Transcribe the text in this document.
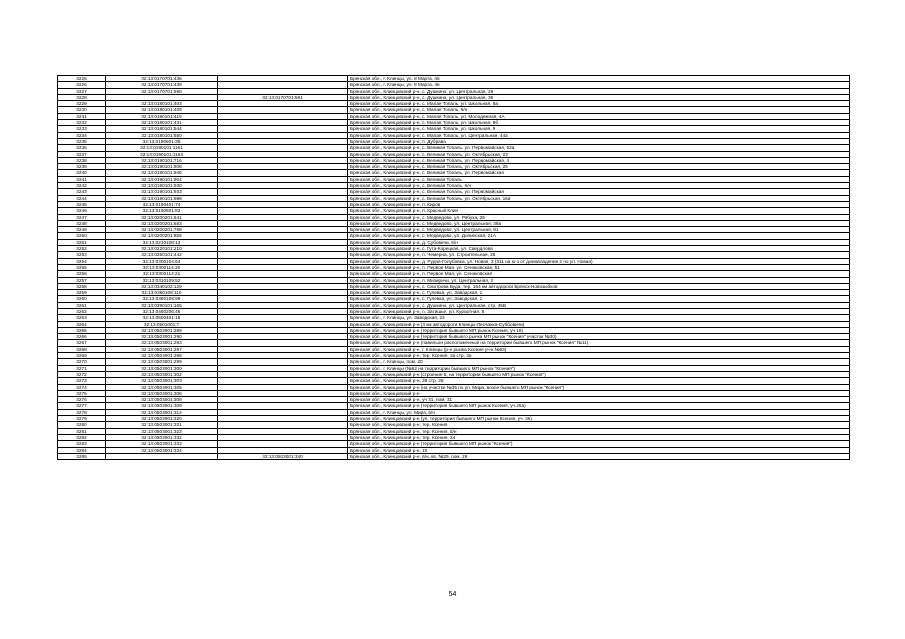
3225	32:13:0170701:436		Брянская обл., г. Клинцы, ул. 8 Марта, 46
3226	32:13:0170701:438		Брянская обл., г. Клинцы, ул. 8 Марта, 46
3227	32:13:0170701:590		Брянская обл., Клинцовский р-н, с. Душкино, ул. Центральная, 29
3228		32:13:0170701:591	Брянская обл., Клинцовский р-н, с. Душкино, ул. Центральная, 35
3229	32:13:0180101:403		Брянская обл., Клинцовский р-н, с. Малая Топаль, ул. Школьная, 8а
3230	32:13:0180101:408		Брянская обл., Клинцовский р-н, с. Малая Топаль, 6/н
3231	32:13:0180101:415		Брянская обл., Клинцовский р-н, с. Малая Топаль, ул. Молодежная, 4А
3232	32:13:0180101:431		Брянская обл., Клинцовский р-н, с. Малая Топаль, ул. Школьная, 8б
3233	32:13:0180101:544		Брянская обл., Клинцовский р-н, с. Малая Топаль, ул. Школьная, 9
3234	32:13:0180101:550		Брянская обл., Клинцовский р-н, с. Малая Топаль, ул. Центральная, 44а
3235	32:13:0180601:38		Брянская обл., Клинцовский р-н, п. Дубрава
3236	32:13:0190101:1161		Брянская обл., Клинцовский р-н, с. Великая Топаль, ул. Первомайская, 52а
3237	32:13:0190101:1163		Брянская обл., Клинцовский р-н, с. Великая Топаль, ул. Октябрьская, 23
3238	32:13:0190101:716		Брянская обл., Клинцовский р-н, с. Великая Топаль, ул. Первомайская, 4
3239	32:13:0190101:808		Брянская обл., Клинцовский р-н, с. Великая Топаль, ул. Октябрьская, 25
3240	32:13:0190101:846		Брянская обл., Клинцовский р-н, с. Великая Топаль, ул. Первомайская
3241	32:13:0190101:904		Брянская обл., Клинцовский р-н, с. Великая Топаль
3242	32:13:0190101:930		Брянская обл., Клинцовский р-н, с. Великая Топаль, 6/н
3243	32:13:0190101:933		Брянская обл., Клинцовский р-н, с. Великая Топаль, ул. Первомайская
3244	32:13:0190101:988		Брянская обл., Клинцовский р-н, с. Великая Топаль, ул. Октябрьская, 16а
3245	32:13:0190401:74		Брянская обл., Клинцовский р-н, п. Киров
3246	32:13:0190501:82		Брянская обл., Клинцовский р-н, п. Красный Клин
3247	32:13:0200201:641		Брянская обл., Клинцовский р-н, с. Медведово, ул. Рябуха, 25
3248	32:13:0200201:683		Брянская обл., Клинцовский р-н, с. Медведово, ул. Центральная, 39а
3249	32:13:0200201:768		Брянская обл., Клинцовский р-н, с. Медведово, ул. Центральная, 81
3250	32:13:0200201:855		Брянская обл., Клинцовский р-н, с. Медведово, ул. Долинская, 21А
3251	32:13:0210108:13		Брянская обл., Клинцовский р-н, д. Субовичи, 6/н
3252	32:13:0220101:210		Брянская обл., Клинцовский р-н, с. Гута-Корецкая, ул. Свердлова
3253	32:13:0250101:442		Брянская обл., Клинцовский р-н, п. Чемерна, ул. Строительная, 25
3254	32:13:0300104:64		Брянская обл., Клинцовский р-н, д. Рудня-Голубовка, ул. Новая, 2 (311 на ю-з от домовладения 2 по ул. Новая)
3255	32:13:0300114:20		Брянская обл., Клинцовский р-н, п. Первое Мая, ул. Сеннковская, 51
3256	32:13:0300114:21		Брянская обл., Клинцовский р-н, п. Первое Мая, ул. Сеннковская
3257	32:13:0310109:52		Брянская обл., Клинцовский р-н, п. Мизиричи, ул. Центральная, 2
3258	32:13:0340102:129		Брянская обл., Клинцовский р-н, с. Смотрова Буда, тер. 164 км автодороги Брянск-Новозыбков
3259	32:13:0360108:110		Брянская обл., Клинцовский р-н, с. Гулевка, ул. Заводская, 1
3260	32:13:0360108:99		Брянская обл., Клинцовский р-н, с. Гулевка, ул. Заводская, 1
3261	32:13:0390101:165		Брянская обл., Клинцовский р-н, с. Душкино, ул. Центральная, стр. 45В
3262	32:13:0450206:46		Брянская обл., Клинцовский р-н, п. Затишье, ул. Курортная, 8
3263	32:13:0500401:15		Брянская обл., г. Клинцы, ул. Заводская, 23
3264	32:13:0501001:7		Брянская обл., Клинцовский р-н (3 км автодороги Клинцы-Лесчанка-Суббовичи)
3265	32:13:0503001:289		Брянская обл., Клинцовский р-н (территория бывшего МП рынок Ксения, уч 18)
3266	32:13:0503001:290		Брянская обл., Клинцовский р-н (территория бывшего рынка МП рынок "Ксения" участок №30)
3267	32:13:0503001:293		Брянская обл., Клинцовский р-н (павильон расположенный на территории бывшего МП рынок "Ксения" №11)
3268	32:13:0503001:297		Брянская обл., Клинцовский р-н, г. Клинцы (р-н рынка Ксения уч-к №63)
3269	32:13:0503001:298		Брянская обл., Клинцовский р-н, тер. Ксения, 3а стр. 3а
3270	32:13:0503001:299		Брянская обл., г. Клинцы, пом. 20
3271	32:13:0503001:300		Брянская обл., г. Клинцы (№62 на территории бывшего МП рынок "Ксения")
3272	32:13:0503001:302		Брянская обл., Клинцовский р-н (строение 5, на территории бывшего МП рынок "Ксения")
3273	32:13:0503001:303		Брянская обл., Клинцовский р-н, 28 стр. 28
3274	32:13:0503001:305		Брянская обл., Клинцовский р-н (на участке №35 по ул. Мира, возле бывшего МП рынок "Ксения")
3275	32:13:0503001:306		Брянская обл., Клинцовский р-н
3276	32:13:0503001:308		Брянская обл., Клинцовский р-н, уч 31, пом. 31
3277	32:13:0503001:309		Брянская обл., Клинцовский р-н (территория бывшего МП рынок Ксения, уч.26а)
3278	32:13:0503001:314		Брянская обл., г. Клинцы, ул. Мира, 6/н
3279	32:13:0503001:320		Брянская обл., Клинцовский р-н (ул. территория бывшего МП рынок Ксения, уч. 36)
3280	32:13:0503001:321		Брянская обл., Клинцовский р-н, тер. Ксения
3281	32:13:0503001:323		Брянская обл., Клинцовский р-н, тер. Ксения, 6/н
3282	32:13:0503001:332		Брянская обл., Клинцовский р-н, тер. Ксения, 24
3283	32:13:0503001:333		Брянская обл., Клинцовский р-н (территория бывшего МП рынок "Ксения")
3284	32:13:0503001:334		Брянская обл., Клинцовский р-н, 10
3285		32:13:0503001:340	Брянская обл., Клинцовский р-н, 6/н, кв. №29, пом. 29
54
